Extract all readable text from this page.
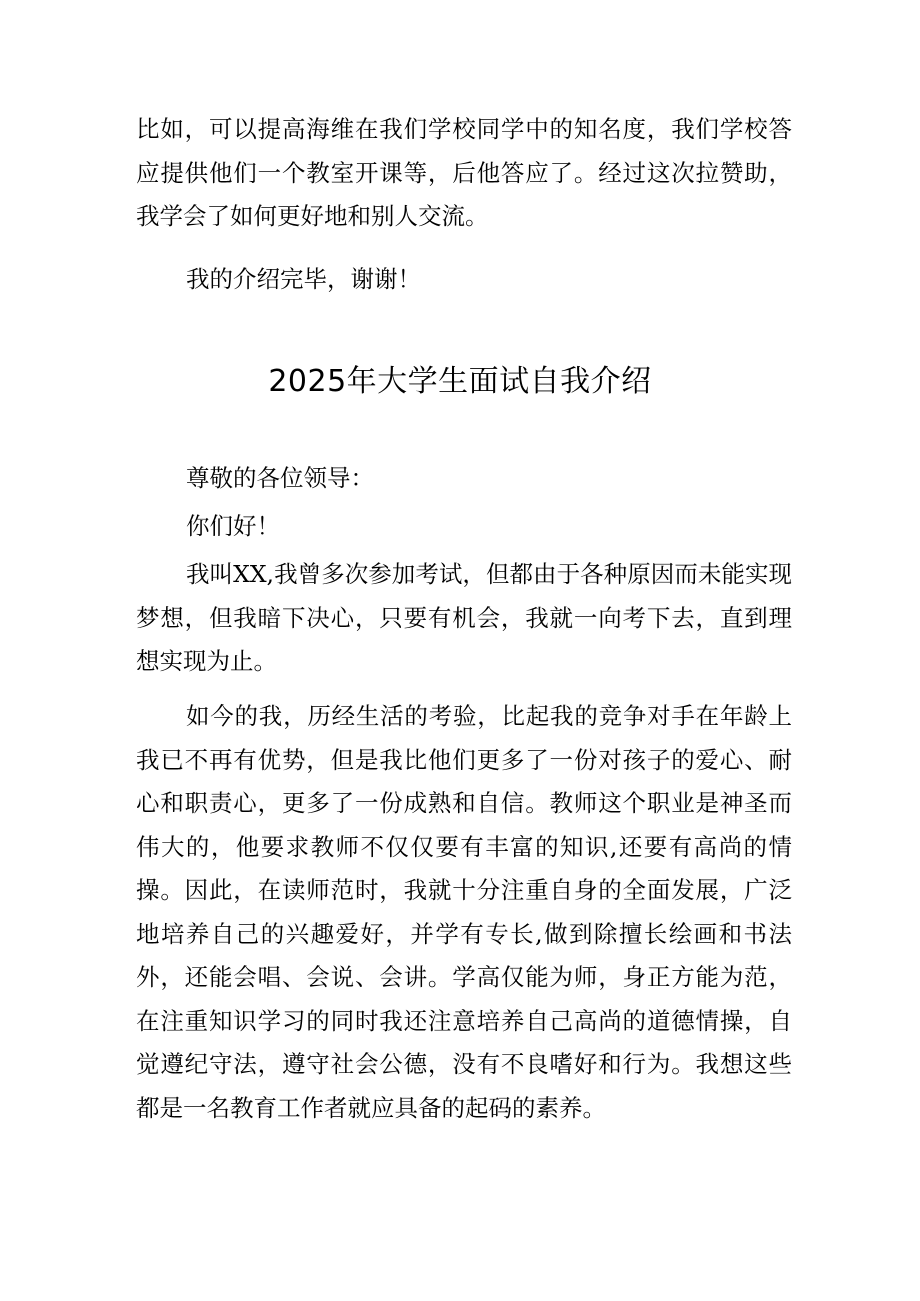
比如，可以提高海维在我们学校同学中的知名度，我们学校答应提供他们一个教室开课等，后他答应了。经过这次拉赞助，我学会了如何更好地和别人交流。

我的介绍完毕，谢谢！

2025年大学生面试自我介绍

尊敬的各位领导：

你们好！

我叫XX,我曾多次参加考试，但都由于各种原因而未能实现梦想，但我暗下决心，只要有机会，我就一向考下去，直到理想实现为止。

如今的我，历经生活的考验，比起我的竞争对手在年龄上我已不再有优势，但是我比他们更多了一份对孩子的爱心、耐心和职责心，更多了一份成熟和自信。教师这个职业是神圣而伟大的，他要求教师不仅仅要有丰富的知识,还要有高尚的情操。因此，在读师范时，我就十分注重自身的全面发展，广泛地培养自己的兴趣爱好，并学有专长,做到除擅长绘画和书法外，还能会唱、会说、会讲。学高仅能为师，身正方能为范，在注重知识学习的同时我还注意培养自己高尚的道德情操，自觉遵纪守法，遵守社会公德，没有不良嗜好和行为。我想这些都是一名教育工作者就应具备的起码的素养。
